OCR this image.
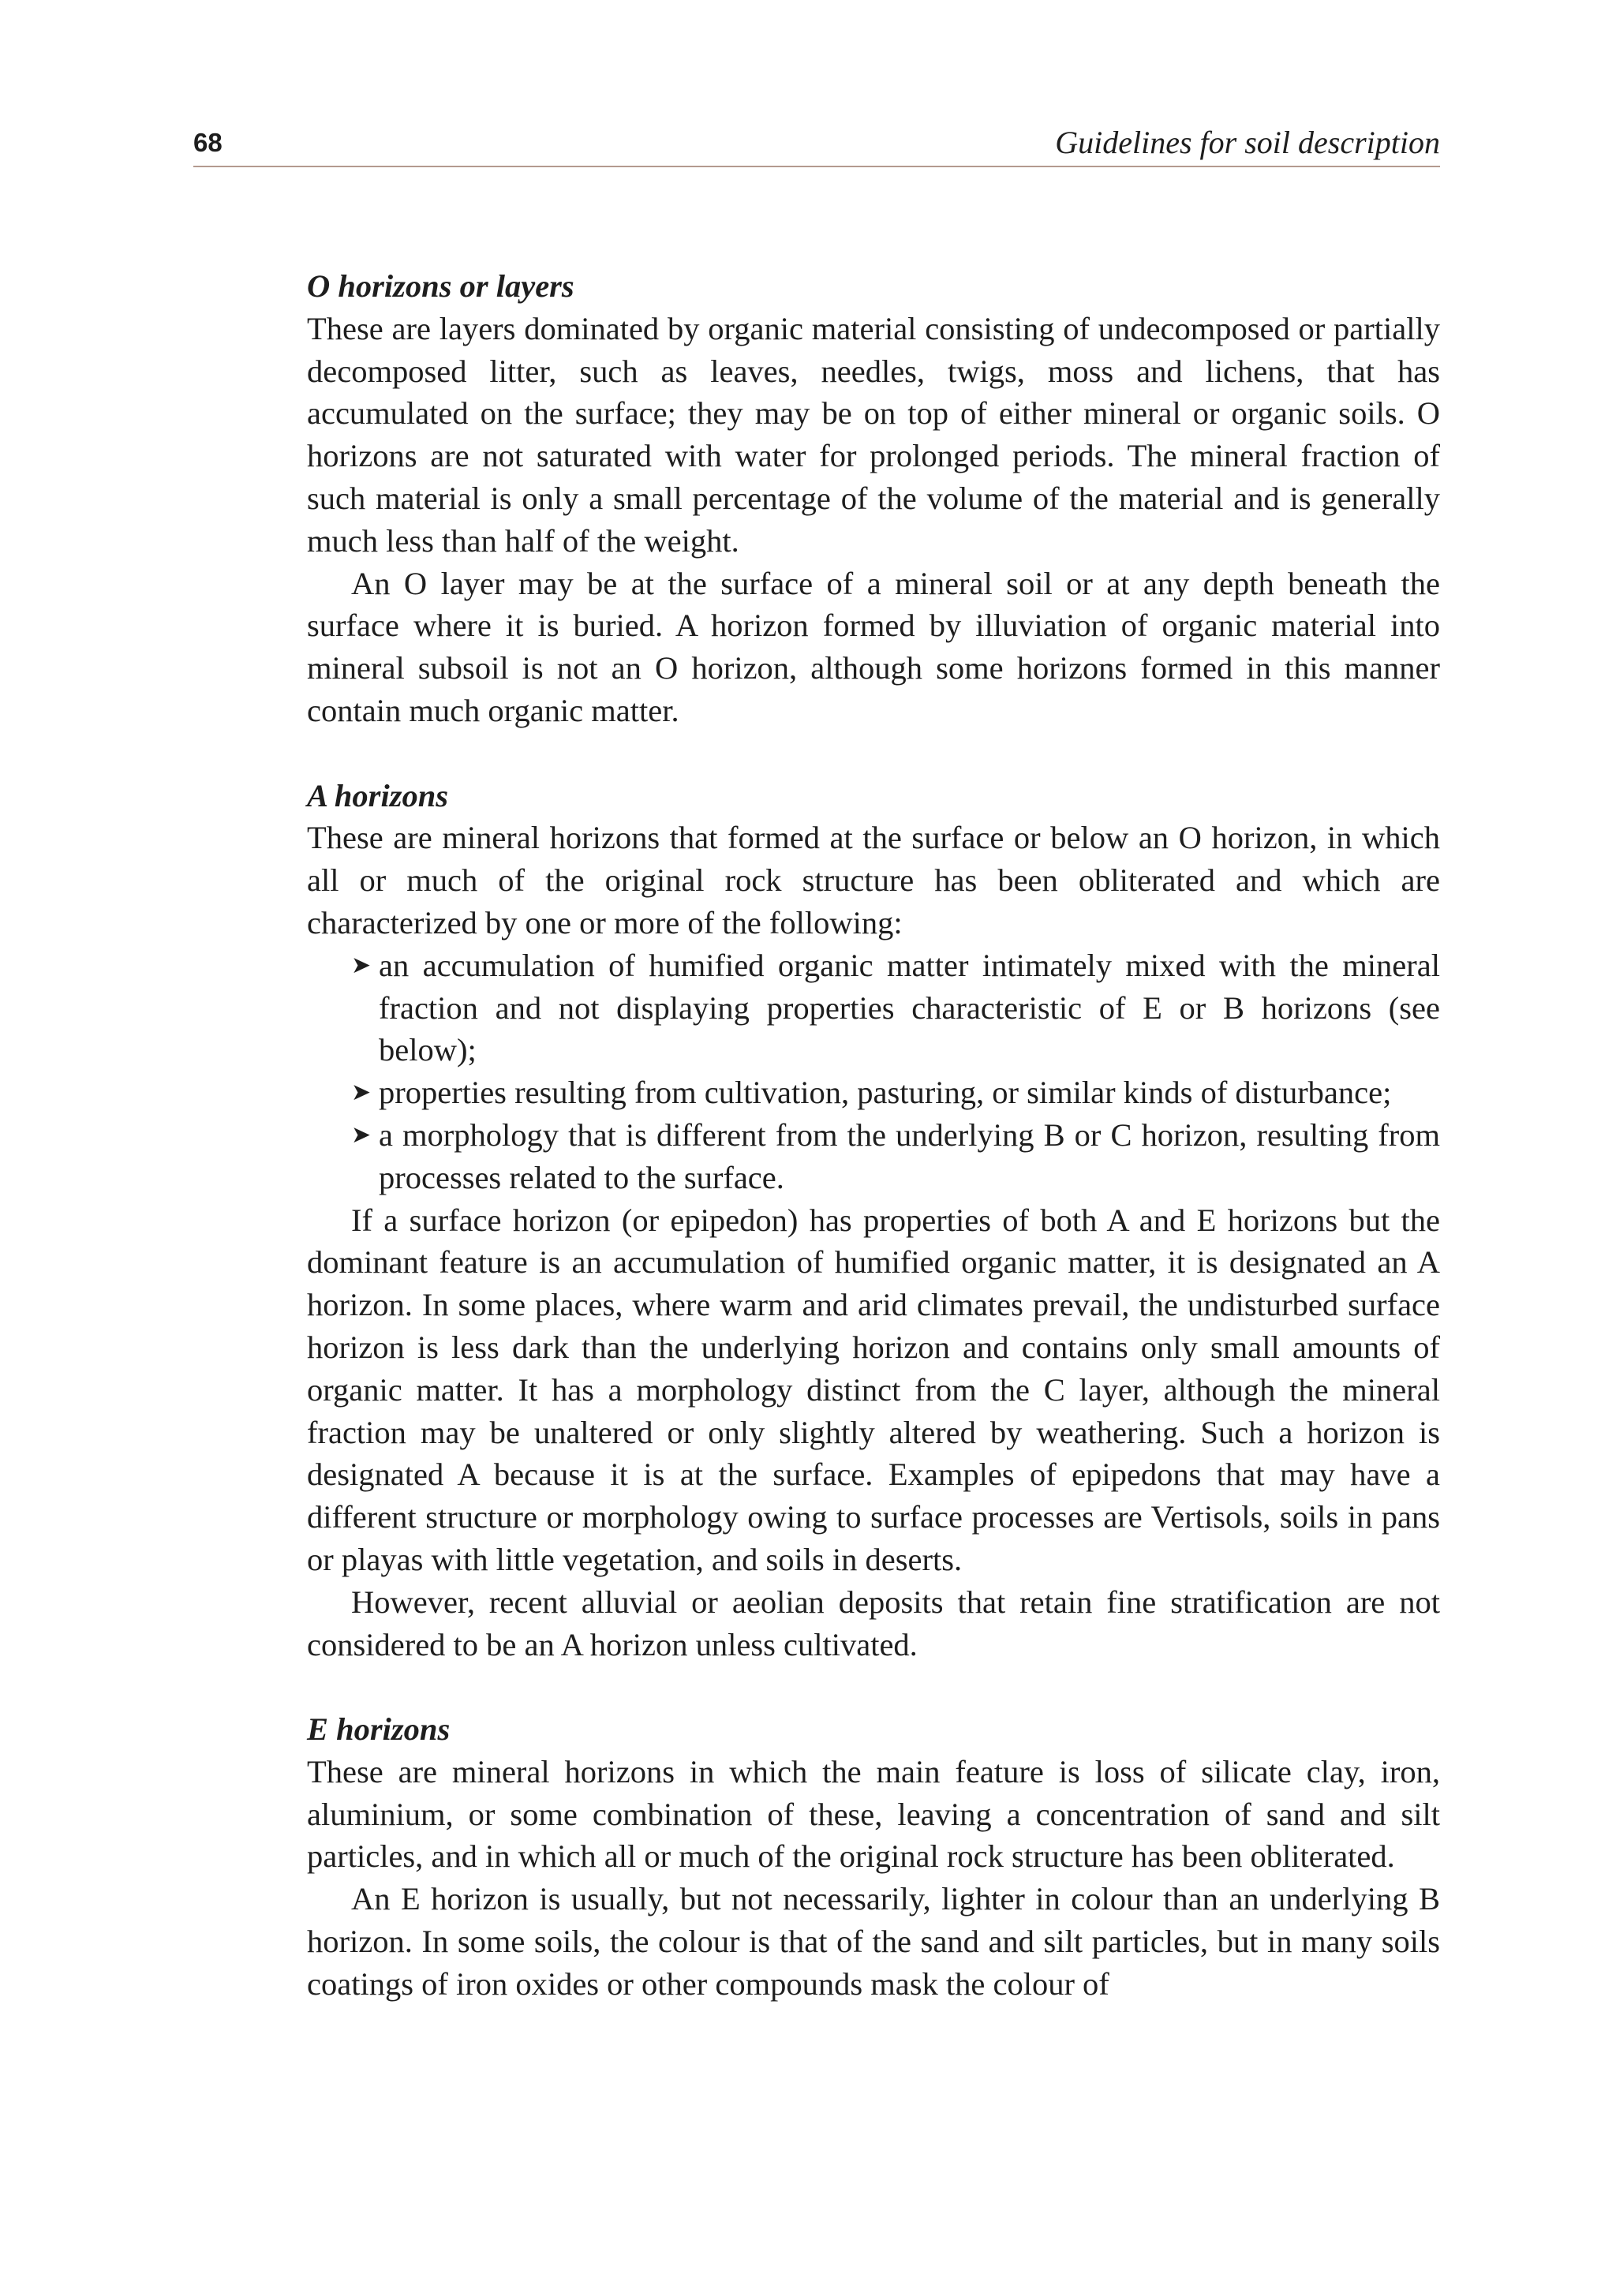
68	Guidelines for soil description
O horizons or layers

These are layers dominated by organic material consisting of undecomposed or partially decomposed litter, such as leaves, needles, twigs, moss and lichens, that has accumulated on the surface; they may be on top of either mineral or organic soils. O horizons are not saturated with water for prolonged periods. The mineral fraction of such material is only a small percentage of the volume of the material and is generally much less than half of the weight.

An O layer may be at the surface of a mineral soil or at any depth beneath the surface where it is buried. A horizon formed by illuviation of organic material into mineral subsoil is not an O horizon, although some horizons formed in this manner contain much organic matter.

A horizons

These are mineral horizons that formed at the surface or below an O horizon, in which all or much of the original rock structure has been obliterated and which are characterized by one or more of the following:

➤ an accumulation of humified organic matter intimately mixed with the mineral fraction and not displaying properties characteristic of E or B horizons (see below);
➤ properties resulting from cultivation, pasturing, or similar kinds of disturbance;
➤ a morphology that is different from the underlying B or C horizon, resulting from processes related to the surface.

If a surface horizon (or epipedon) has properties of both A and E horizons but the dominant feature is an accumulation of humified organic matter, it is designated an A horizon. In some places, where warm and arid climates prevail, the undisturbed surface horizon is less dark than the underlying horizon and contains only small amounts of organic matter. It has a morphology distinct from the C layer, although the mineral fraction may be unaltered or only slightly altered by weathering. Such a horizon is designated A because it is at the surface. Examples of epipedons that may have a different structure or morphology owing to surface processes are Vertisols, soils in pans or playas with little vegetation, and soils in deserts.

However, recent alluvial or aeolian deposits that retain fine stratification are not considered to be an A horizon unless cultivated.

E horizons

These are mineral horizons in which the main feature is loss of silicate clay, iron, aluminium, or some combination of these, leaving a concentration of sand and silt particles, and in which all or much of the original rock structure has been obliterated.

An E horizon is usually, but not necessarily, lighter in colour than an underlying B horizon. In some soils, the colour is that of the sand and silt particles, but in many soils coatings of iron oxides or other compounds mask the colour of
